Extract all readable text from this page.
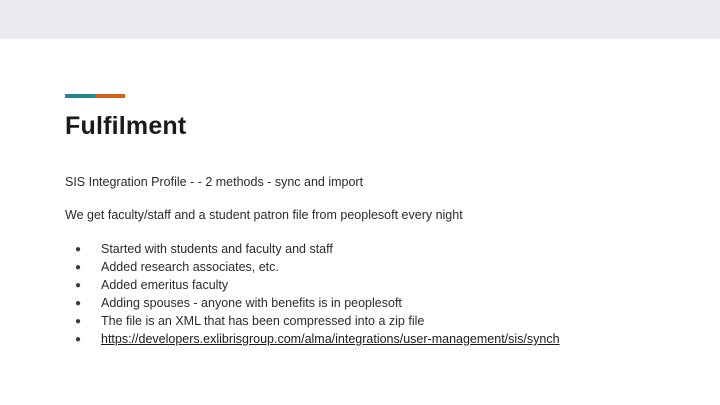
Fulfilment
SIS Integration Profile - - 2 methods - sync and import
We get faculty/staff and a student patron file from peoplesoft every night
●	Started with students and faculty and staff
●	Added research associates, etc.
●	Added emeritus faculty
●	Adding spouses - anyone with benefits is in peoplesoft
●	The file is an XML that has been compressed into a zip file
●	https://developers.exlibrisgroup.com/alma/integrations/user-management/sis/synch
